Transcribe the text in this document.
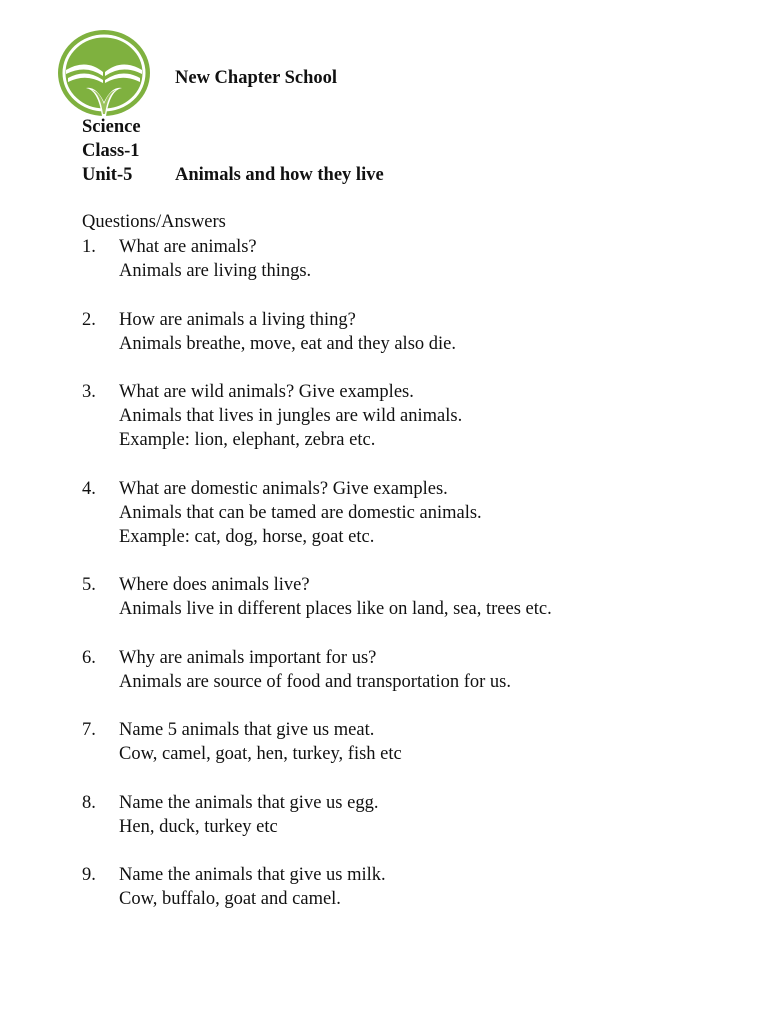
New Chapter School
Science
Class-1
Unit-5 Animals and how they live
Questions/Answers
1. What are animals?
Animals are living things.
2. How are animals a living thing?
Animals breathe, move, eat and they also die.
3. What are wild animals? Give examples.
Animals that lives in jungles are wild animals.
Example: lion, elephant, zebra etc.
4. What are domestic animals? Give examples.
Animals that can be tamed are domestic animals.
Example: cat, dog, horse, goat etc.
5. Where does animals live?
Animals live in different places like on land, sea, trees etc.
6. Why are animals important for us?
Animals are source of food and transportation for us.
7. Name 5 animals that give us meat.
Cow, camel, goat, hen, turkey, fish etc
8. Name the animals that give us egg.
Hen, duck, turkey etc
9. Name the animals that give us milk.
Cow, buffalo, goat and camel.
